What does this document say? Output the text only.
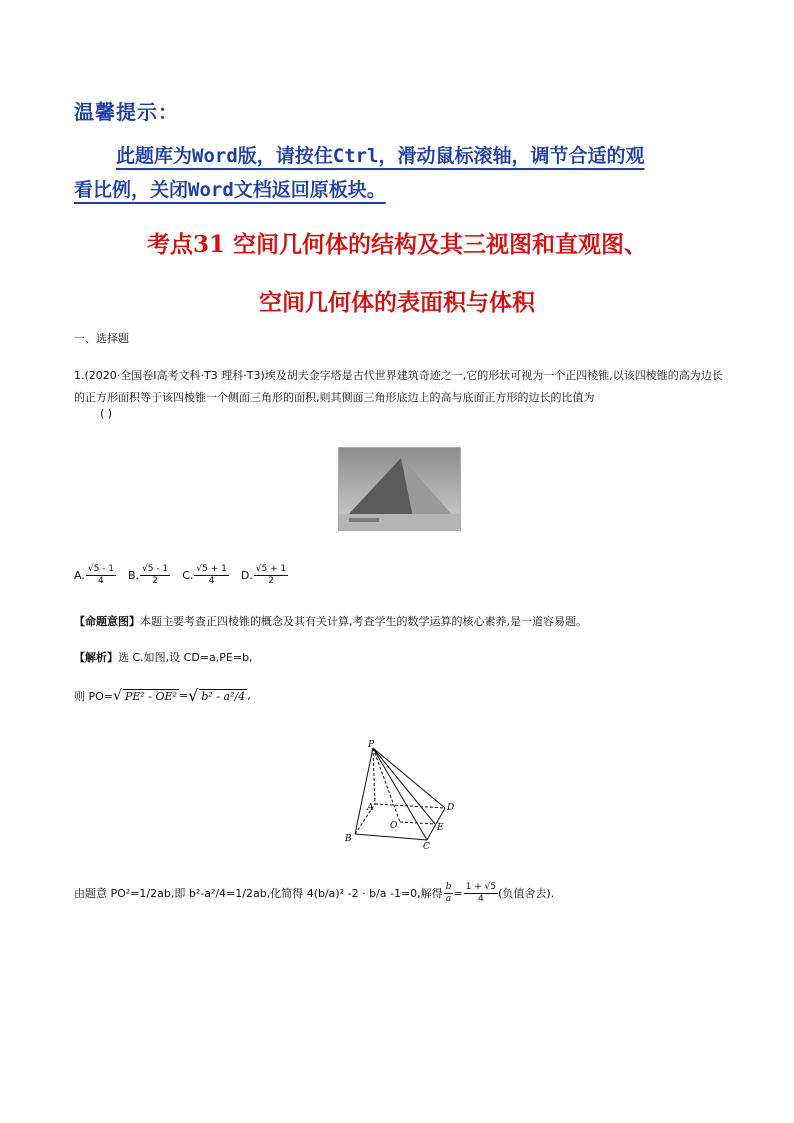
温馨提示：
此题库为Word版，请按住Ctrl，滑动鼠标滚轴，调节合适的观
看比例，关闭Word文档返回原板块。
考点31 空间几何体的结构及其三视图和直观图、
空间几何体的表面积与体积
一、选择题
1.(2020·全国卷Ⅰ高考文科·T3 理科·T3)埃及胡夫金字塔是古代世界建筑奇迹之一,它的形状可视为一个正四棱锥,以该四棱锥的高为边长的正方形面积等于该四棱锥一个侧面三角形的面积,则其侧面三角形底边上的高与底面正方形的边长的比值为
( )
A. $\frac{√5 - 1}{4} B$. $\frac{√5 - 1}{2} C$. $\frac{√5 + 1}{4} D$. $\frac{√5 + 1}{2}$
【命题意图】本题主要考查正四棱锥的概念及其有关计算,考查学生的数学运算的核心素养,是一道容易题。
【解析】选 C.如图,设 CD=a,PE=b,
则 PO= √ PE² - OE² = √ b² - a²/4 ,
P
A
B
C
D
E
O
由题意 PO²= 1/2 ab,即 b²- a²/4 = 1/2 ab,化简得 4(b/a)² -2 · b/a -1=0,解得 $\frac{b}{a} = \frac{1 + √5}{4}$ (负值舍去).
